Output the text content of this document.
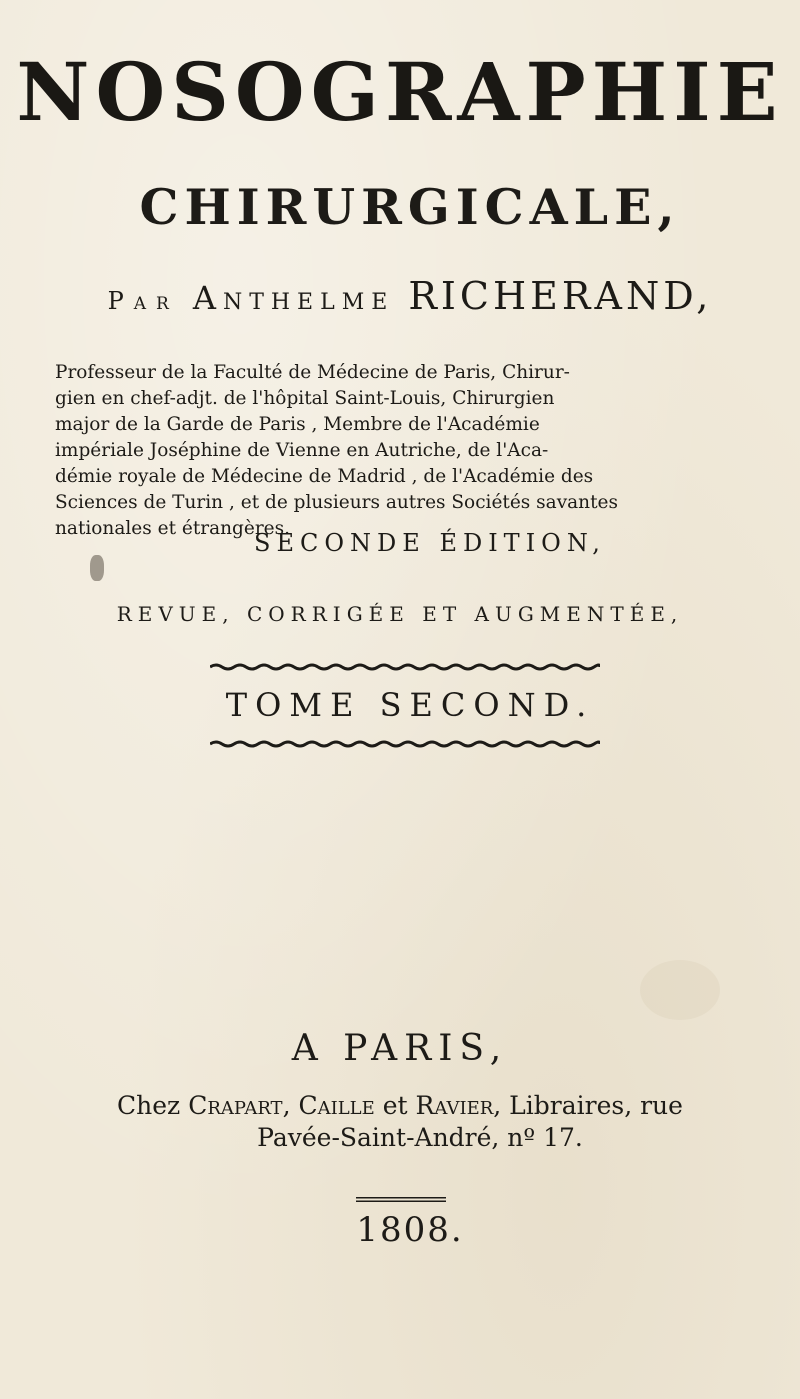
NOSOGRAPHIE
CHIRURGICALE,
Par Anthelme RICHERAND,
Professeur de la Faculté de Médecine de Paris, Chirur-
gien en chef-adjt. de l'hôpital Saint-Louis, Chirurgien
major de la Garde de Paris , Membre de l'Académie
impériale Joséphine de Vienne en Autriche, de l'Aca-
démie royale de Médecine de Madrid , de l'Académie des
Sciences de Turin , et de plusieurs autres Sociétés savantes
nationales et étrangères.
SECONDE ÉDITION,
REVUE, CORRIGÉE ET AUGMENTÉE,
TOME SECOND.
A PARIS,
Chez Crapart, Caille et Ravier, Libraires, rue
Pavée-Saint-André, nº 17.
1808.
